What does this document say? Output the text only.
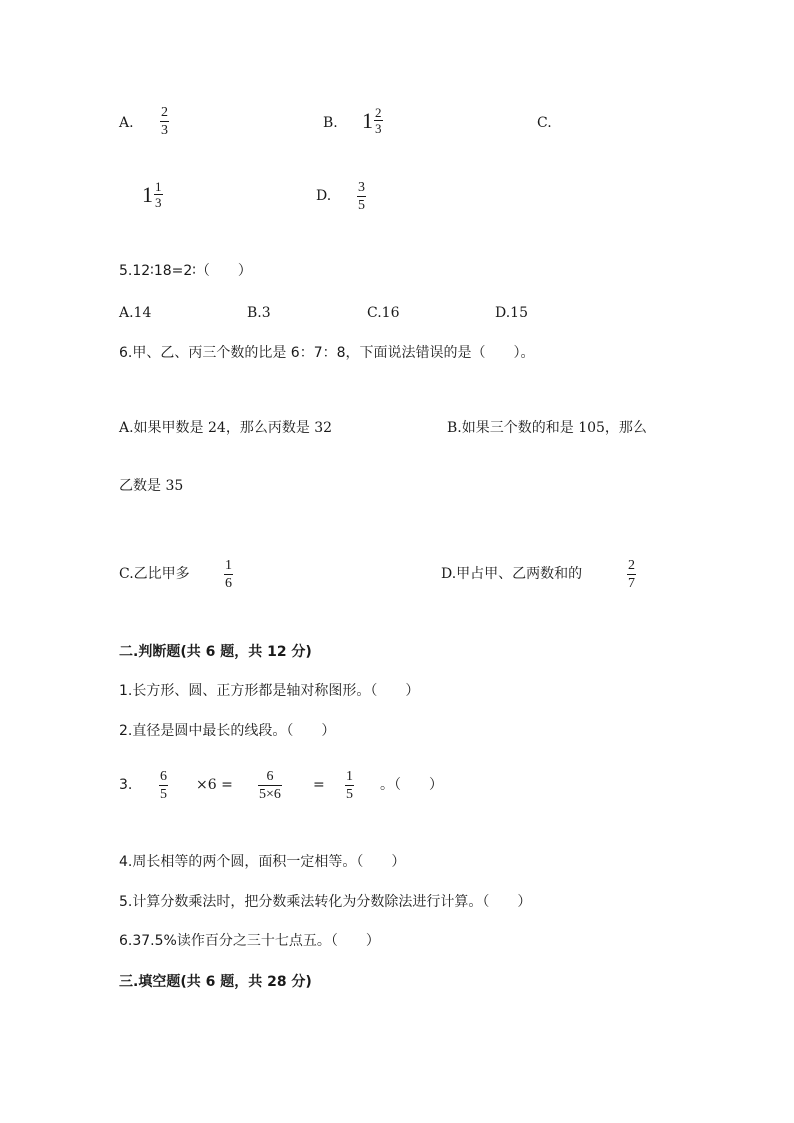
A.
2
3	B. $1 \frac{2}{3}$	C.
$1 \frac{1}{3}$	D.
3
5
5.12∶18=2∶（　　）
A.14	B.3	C.16	D.15
6.甲、乙、丙三个数的比是 6：7：8，下面说法错误的是（　　）。
A.如果甲数是 24，那么丙数是 32	B.如果三个数的和是 105，那么
乙数是 35
C.乙比甲多
1
6
D.甲占甲、乙两数和的
2
7
二.判断题(共 6 题，共 12 分)
1.长方形、圆、正方形都是轴对称图形。（　　）
2.直径是圆中最长的线段。（　　）
3.
6
5
×6 =
6
5×6
=
1
5
。（　　）
4.周长相等的两个圆，面积一定相等。（　　）
5.计算分数乘法时，把分数乘法转化为分数除法进行计算。（　　）
6.37.5%读作百分之三十七点五。（　　）
三.填空题(共 6 题，共 28 分)
